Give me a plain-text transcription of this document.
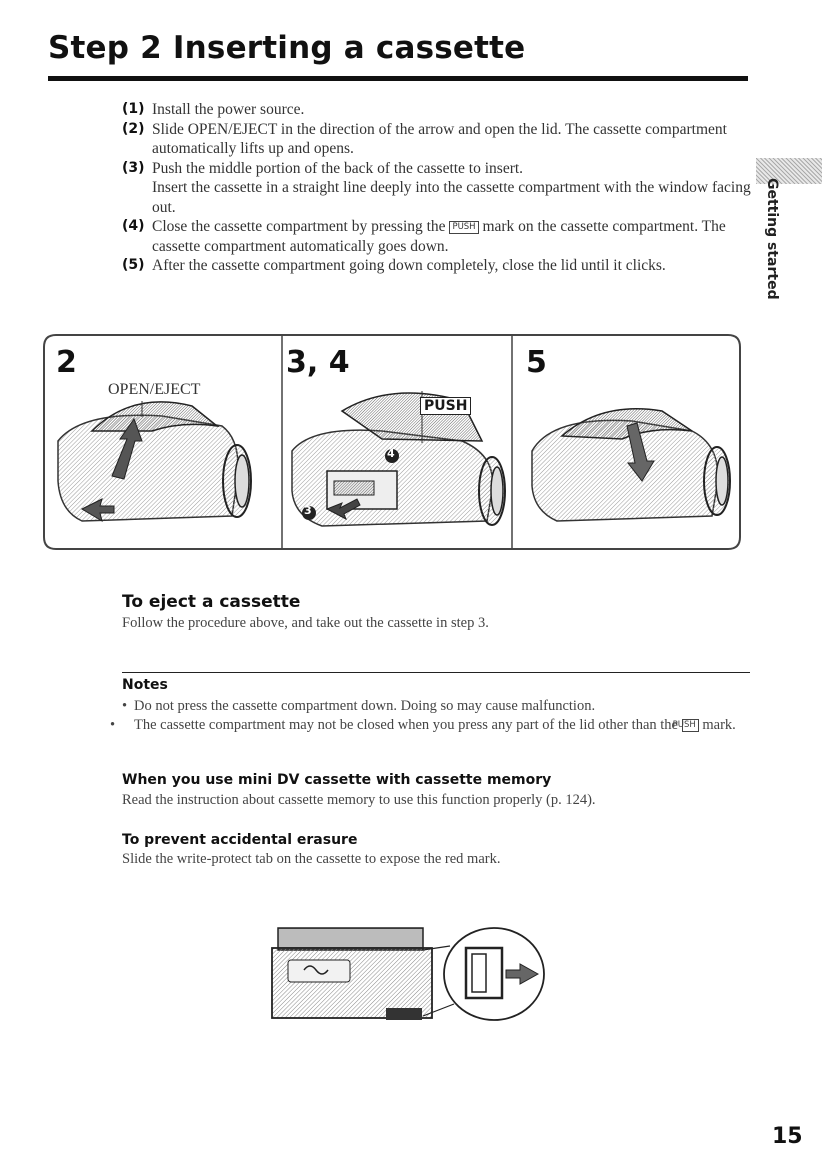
Step 2 Inserting a cassette
(1) Install the power source.
(2) Slide OPEN/EJECT in the direction of the arrow and open the lid. The cassette compartment automatically lifts up and opens.
(3) Push the middle portion of the back of the cassette to insert.
Insert the cassette in a straight line deeply into the cassette compartment with the window facing out.
(4) Close the cassette compartment by pressing the PUSH mark on the cassette compartment. The cassette compartment automatically goes down.
(5) After the cassette compartment going down completely, close the lid until it clicks.	Getting started
2
OPEN/EJECT
3, 4
PUSH
4
3
5
To eject a cassette
Follow the procedure above, and take out the cassette in step 3.
Notes
• Do not press the cassette compartment down. Doing so may cause malfunction.
• The cassette compartment may not be closed when you press any part of the lid other than the PUSH mark.
When you use mini DV cassette with cassette memory
Read the instruction about cassette memory to use this function properly (p. 124).
To prevent accidental erasure
Slide the write-protect tab on the cassette to expose the red mark.
15
